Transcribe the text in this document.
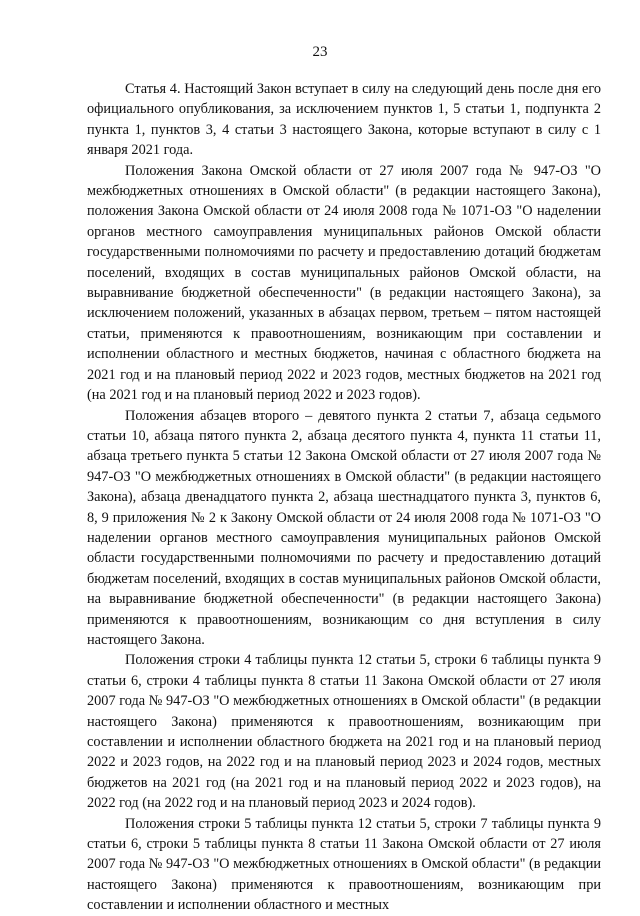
23

Статья 4. Настоящий Закон вступает в силу на следующий день после дня его официального опубликования, за исключением пунктов 1, 5 статьи 1, подпункта 2 пункта 1, пунктов 3, 4 статьи 3 настоящего Закона, которые вступают в силу с 1 января 2021 года.

Положения Закона Омской области от 27 июля 2007 года № 947-ОЗ "О межбюджетных отношениях в Омской области" (в редакции настоящего Закона), положения Закона Омской области от 24 июля 2008 года № 1071-ОЗ "О наделении органов местного самоуправления муниципальных районов Омской области государственными полномочиями по расчету и предоставлению дотаций бюджетам поселений, входящих в состав муниципальных районов Омской области, на выравнивание бюджетной обеспеченности" (в редакции настоящего Закона), за исключением положений, указанных в абзацах первом, третьем – пятом настоящей статьи, применяются к правоотношениям, возникающим при составлении и исполнении областного и местных бюджетов, начиная с областного бюджета на 2021 год и на плановый период 2022 и 2023 годов, местных бюджетов на 2021 год (на 2021 год и на плановый период 2022 и 2023 годов).

Положения абзацев второго – девятого пункта 2 статьи 7, абзаца седьмого статьи 10, абзаца пятого пункта 2, абзаца десятого пункта 4, пункта 11 статьи 11, абзаца третьего пункта 5 статьи 12 Закона Омской области от 27 июля 2007 года № 947-ОЗ "О межбюджетных отношениях в Омской области" (в редакции настоящего Закона), абзаца двенадцатого пункта 2, абзаца шестнадцатого пункта 3, пунктов 6, 8, 9 приложения № 2 к Закону Омской области от 24 июля 2008 года № 1071-ОЗ "О наделении органов местного самоуправления муниципальных районов Омской области государственными полномочиями по расчету и предоставлению дотаций бюджетам поселений, входящих в состав муниципальных районов Омской области, на выравнивание бюджетной обеспеченности" (в редакции настоящего Закона) применяются к правоотношениям, возникающим со дня вступления в силу настоящего Закона.

Положения строки 4 таблицы пункта 12 статьи 5, строки 6 таблицы пункта 9 статьи 6, строки 4 таблицы пункта 8 статьи 11 Закона Омской области от 27 июля 2007 года № 947-ОЗ "О межбюджетных отношениях в Омской области" (в редакции настоящего Закона) применяются к правоотношениям, возникающим при составлении и исполнении областного бюджета на 2021 год и на плановый период 2022 и 2023 годов, на 2022 год и на плановый период 2023 и 2024 годов, местных бюджетов на 2021 год (на 2021 год и на плановый период 2022 и 2023 годов), на 2022 год (на 2022 год и на плановый период 2023 и 2024 годов).

Положения строки 5 таблицы пункта 12 статьи 5, строки 7 таблицы пункта 9 статьи 6, строки 5 таблицы пункта 8 статьи 11 Закона Омской области от 27 июля 2007 года № 947-ОЗ "О межбюджетных отношениях в Омской области" (в редакции настоящего Закона) применяются к правоотношениям, возникающим при составлении и исполнении областного и местных
